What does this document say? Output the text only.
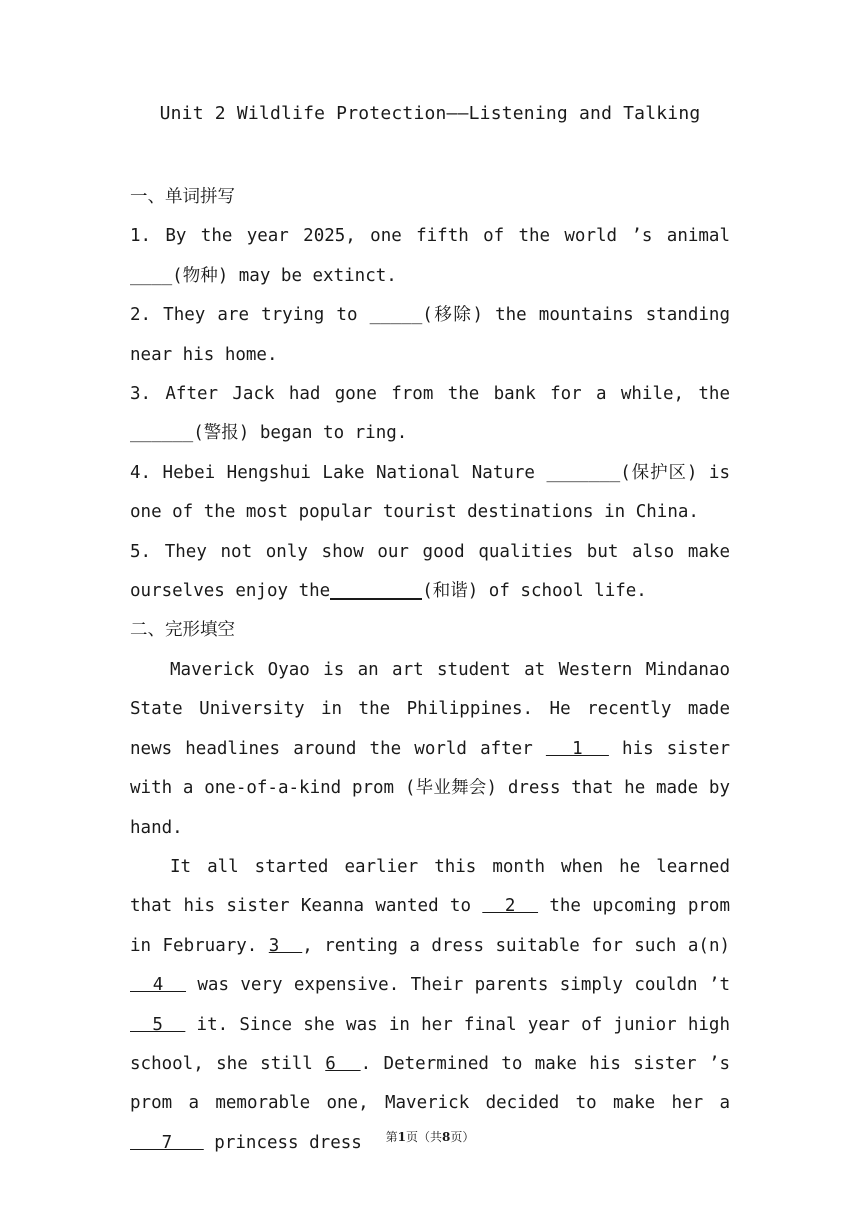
Unit 2 Wildlife Protection——Listening and Talking

一、单词拼写

1. By the year 2025, one fifth of the world ’s animal ____(物种) may be extinct.

2. They are trying to _____(移除) the mountains standing near his home.

3. After Jack had gone from the bank for a while, the ______(警报) began to ring.

4. Hebei Hengshui Lake National Nature _______(保护区) is one of the most popular tourist destinations in China.

5. They not only show our good qualities but also make ourselves enjoy the	(和谐) of school life.

二、完形填空

Maverick Oyao is an art student at Western Mindanao State University in the Philippines. He recently made news headlines around the world after   1   his sister with a one-of-a-kind prom (毕业舞会) dress that he made by hand.

It all started earlier this month when he learned that his sister Keanna wanted to   2   the upcoming prom in February. 3  , renting a dress suitable for such a(n)   4   was very expensive. Their parents simply couldn ’t   5   it. Since she was in her final year of junior high school, she still 6  . Determined to make his sister ’s prom a memorable one, Maverick decided to make her a    7    princess dress	第1页（共8页）
